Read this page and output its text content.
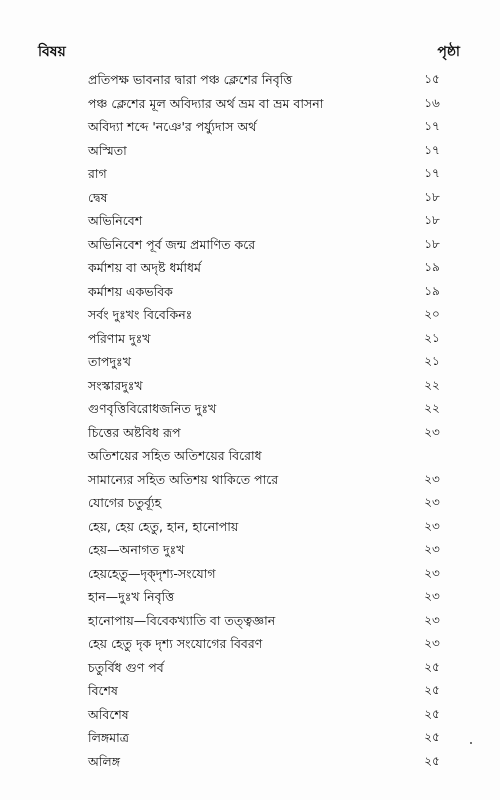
বিষয়	পৃষ্ঠা
প্রতিপক্ষ ভাবনার দ্বারা পঞ্চ ক্লেশের নিবৃত্তি	১৫
পঞ্চ ক্লেশের মূল অবিদ্যার অর্থ ভ্রম বা ভ্রম বাসনা	১৬
অবিদ্যা শব্দে 'নঞে'র পর্য্যুদাস অর্থ	১৭
অস্মিতা	১৭
রাগ	১৭
দ্বেষ	১৮
অভিনিবেশ	১৮
অভিনিবেশ পূর্ব জন্ম প্রমাণিত করে	১৮
কর্মাশয় বা অদৃষ্ট ধর্মাধর্ম	১৯
কর্মাশয় একভবিক	১৯
সর্বং দুঃখং বিবেকিনঃ	২০
পরিণাম দুঃখ	২১
তাপদুঃখ	২১
সংস্কারদুঃখ	২২
গুণবৃত্তিবিরোধজনিত দুঃখ	২২
চিত্তের অষ্টবিধ রূপ	২৩
অতিশয়ের সহিত অতিশয়ের বিরোধ
সামান্যের সহিত অতিশয় থাকিতে পারে	২৩
যোগের চতুর্ব্যূহ	২৩
হেয়, হেয় হেতু, হান, হানোপায়	২৩
হেয়—অনাগত দুঃখ	২৩
হেয়হেতু—দৃক্‌দৃশ্য-সংযোগ	২৩
হান—দুঃখ নিবৃত্তি	২৩
হানোপায়—বিবেকখ্যাতি বা তত্ত্বজ্ঞান	২৩
হেয় হেতু দৃক দৃশ্য সংযোগের বিবরণ	২৩
চতুর্বিধ গুণ পর্ব	২৫
বিশেষ	২৫
অবিশেষ	২৫
লিঙ্গমাত্র	২৫
অলিঙ্গ	২৫
